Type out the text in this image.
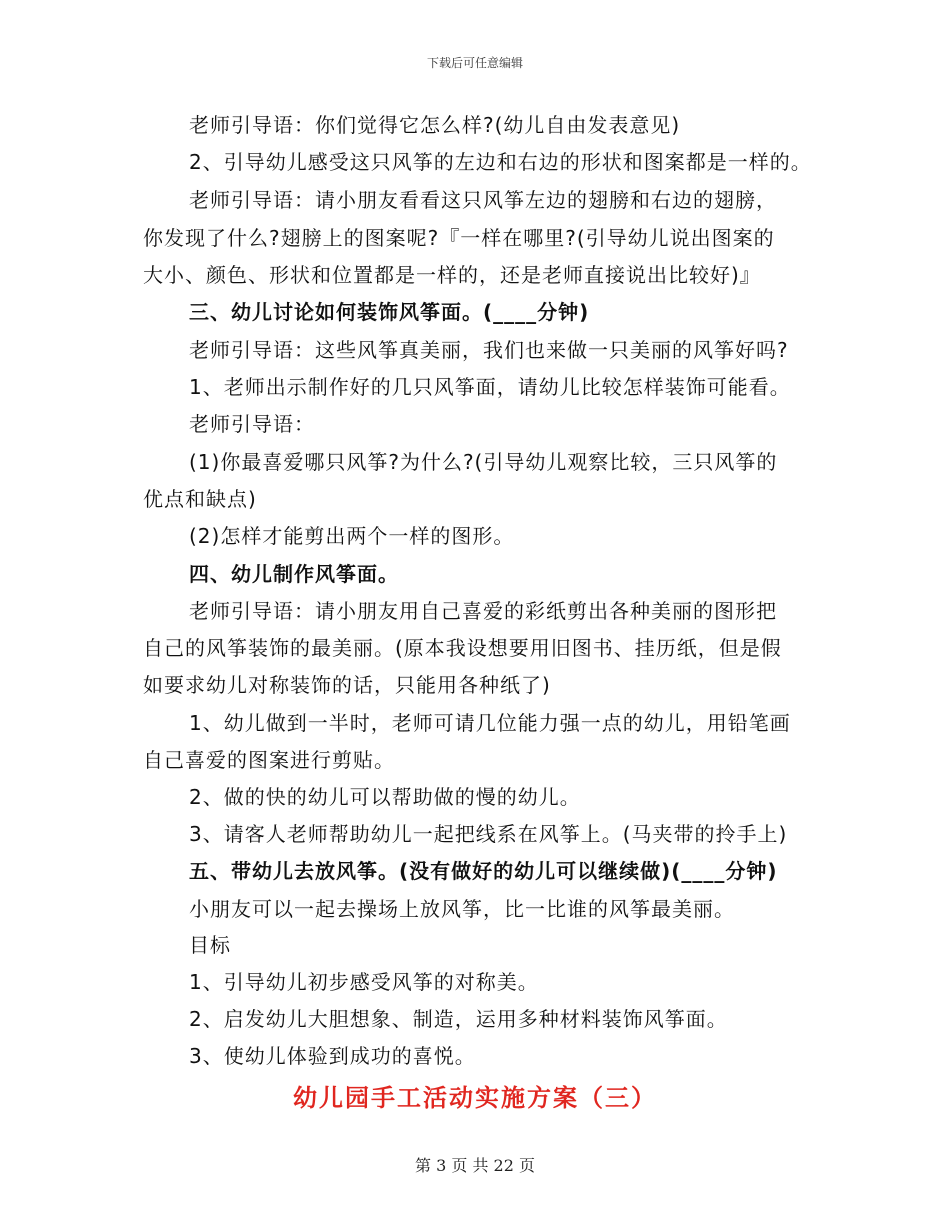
下载后可任意编辑
老师引导语：你们觉得它怎么样?(幼儿自由发表意见)
2、引导幼儿感受这只风筝的左边和右边的形状和图案都是一样的。
老师引导语：请小朋友看看这只风筝左边的翅膀和右边的翅膀，
你发现了什么?翅膀上的图案呢?『一样在哪里?(引导幼儿说出图案的
大小、颜色、形状和位置都是一样的，还是老师直接说出比较好)』
三、幼儿讨论如何装饰风筝面。(____分钟)
老师引导语：这些风筝真美丽，我们也来做一只美丽的风筝好吗?
1、老师出示制作好的几只风筝面，请幼儿比较怎样装饰可能看。
老师引导语：
(1)你最喜爱哪只风筝?为什么?(引导幼儿观察比较，三只风筝的
优点和缺点)
(2)怎样才能剪出两个一样的图形。
四、幼儿制作风筝面。
老师引导语：请小朋友用自己喜爱的彩纸剪出各种美丽的图形把
自己的风筝装饰的最美丽。(原本我设想要用旧图书、挂历纸，但是假
如要求幼儿对称装饰的话，只能用各种纸了)
1、幼儿做到一半时，老师可请几位能力强一点的幼儿，用铅笔画
自己喜爱的图案进行剪贴。
2、做的快的幼儿可以帮助做的慢的幼儿。
3、请客人老师帮助幼儿一起把线系在风筝上。(马夹带的拎手上)
五、带幼儿去放风筝。(没有做好的幼儿可以继续做)(____分钟)
小朋友可以一起去操场上放风筝，比一比谁的风筝最美丽。
目标
1、引导幼儿初步感受风筝的对称美。
2、启发幼儿大胆想象、制造，运用多种材料装饰风筝面。
3、使幼儿体验到成功的喜悦。
幼儿园手工活动实施方案（三）
第 3 页 共 22 页
